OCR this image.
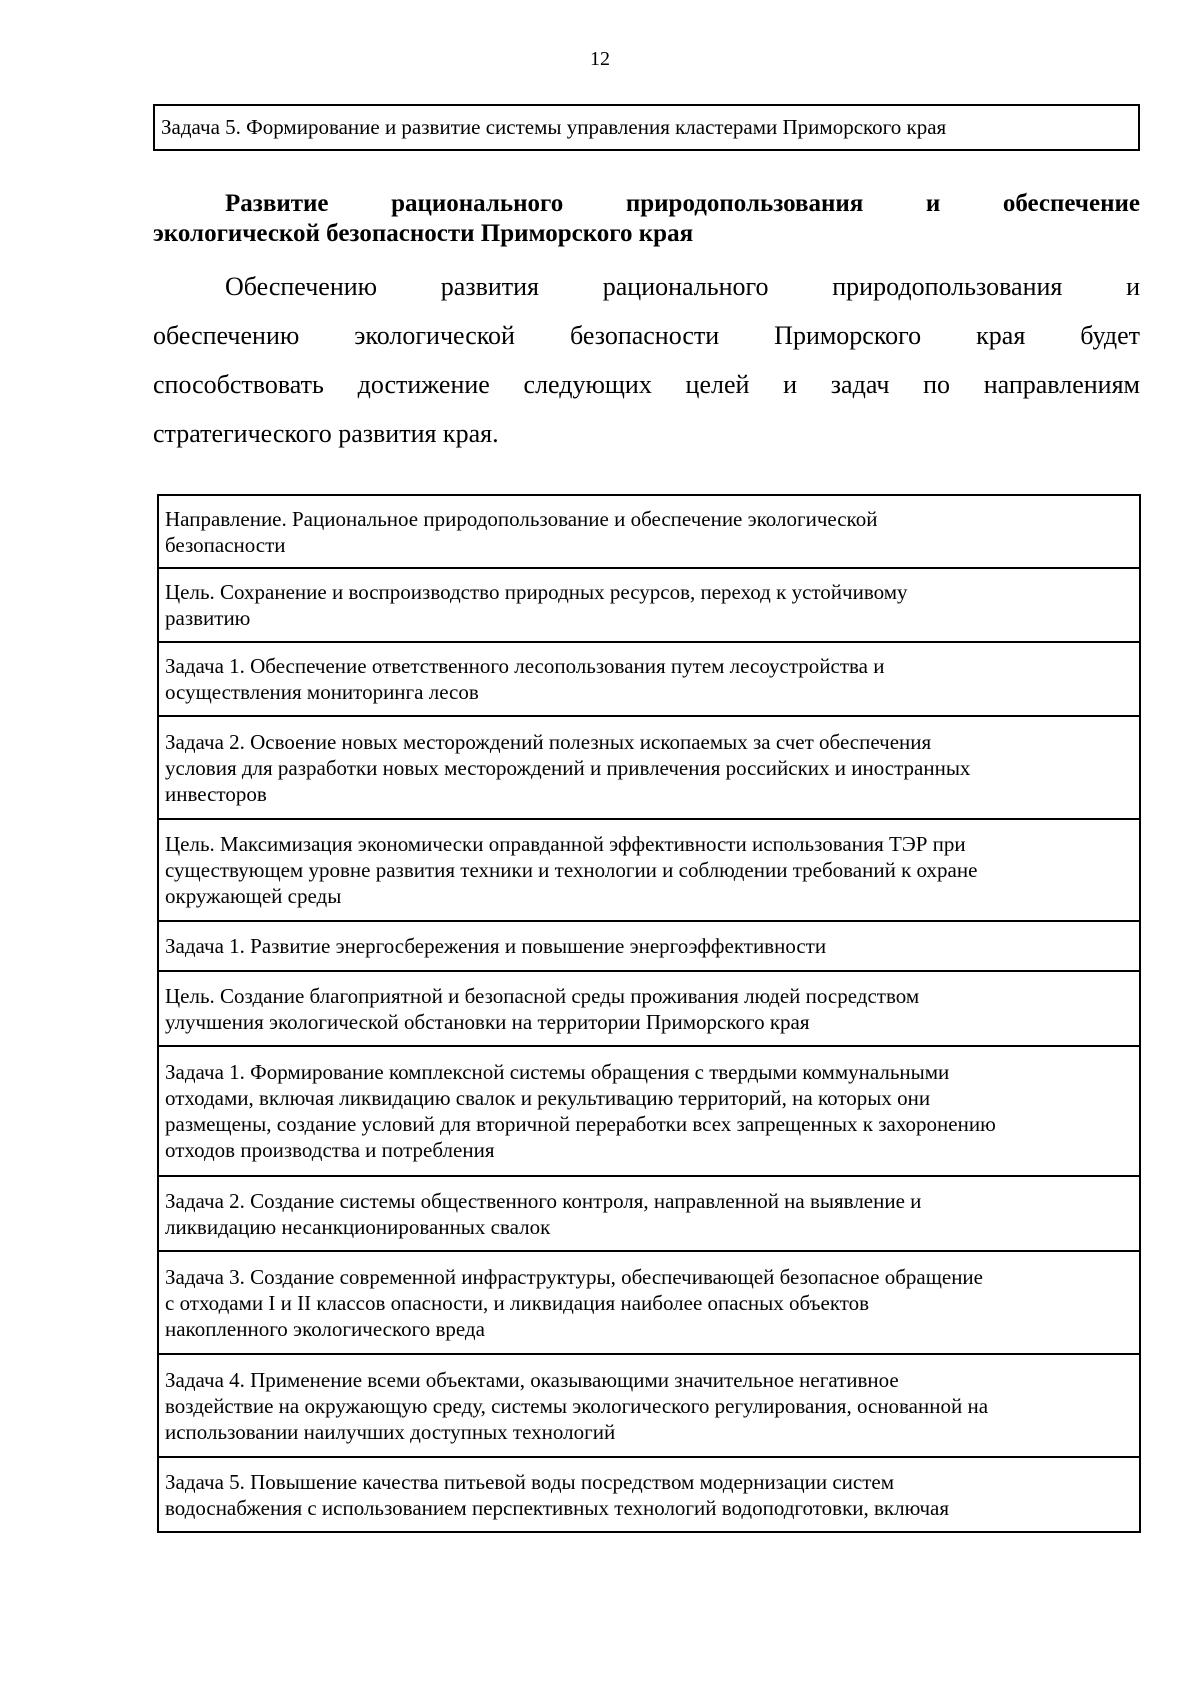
12
Задача 5. Формирование и развитие системы управления кластерами Приморского края
Развитие рационального природопользования и обеспечение
экологической безопасности Приморского края
Обеспечению развития рационального природопользования и
обеспечению экологической безопасности Приморского края будет
способствовать достижение следующих целей и задач по направлениям
стратегического развития края.
Направление. Рациональное природопользование и обеспечение экологической
безопасности

Цель. Сохранение и воспроизводство природных ресурсов, переход к устойчивому
развитию

Задача 1. Обеспечение ответственного лесопользования путем лесоустройства и
осуществления мониторинга лесов

Задача 2. Освоение новых месторождений полезных ископаемых за счет обеспечения
условия для разработки новых месторождений и привлечения российских и иностранных
инвесторов

Цель. Максимизация экономически оправданной эффективности использования ТЭР при
существующем уровне развития техники и технологии и соблюдении требований к охране
окружающей среды

Задача 1. Развитие энергосбережения и повышение энергоэффективности

Цель. Создание благоприятной и безопасной среды проживания людей посредством
улучшения экологической обстановки на территории Приморского края

Задача 1. Формирование комплексной системы обращения с твердыми коммунальными
отходами, включая ликвидацию свалок и рекультивацию территорий, на которых они
размещены, создание условий для вторичной переработки всех запрещенных к захоронению
отходов производства и потребления

Задача 2. Создание системы общественного контроля, направленной на выявление и
ликвидацию несанкционированных свалок

Задача 3. Создание современной инфраструктуры, обеспечивающей безопасное обращение
с отходами I и II классов опасности, и ликвидация наиболее опасных объектов
накопленного экологического вреда

Задача 4. Применение всеми объектами, оказывающими значительное негативное
воздействие на окружающую среду, системы экологического регулирования, основанной на
использовании наилучших доступных технологий

Задача 5. Повышение качества питьевой воды посредством модернизации систем
водоснабжения с использованием перспективных технологий водоподготовки, включая
